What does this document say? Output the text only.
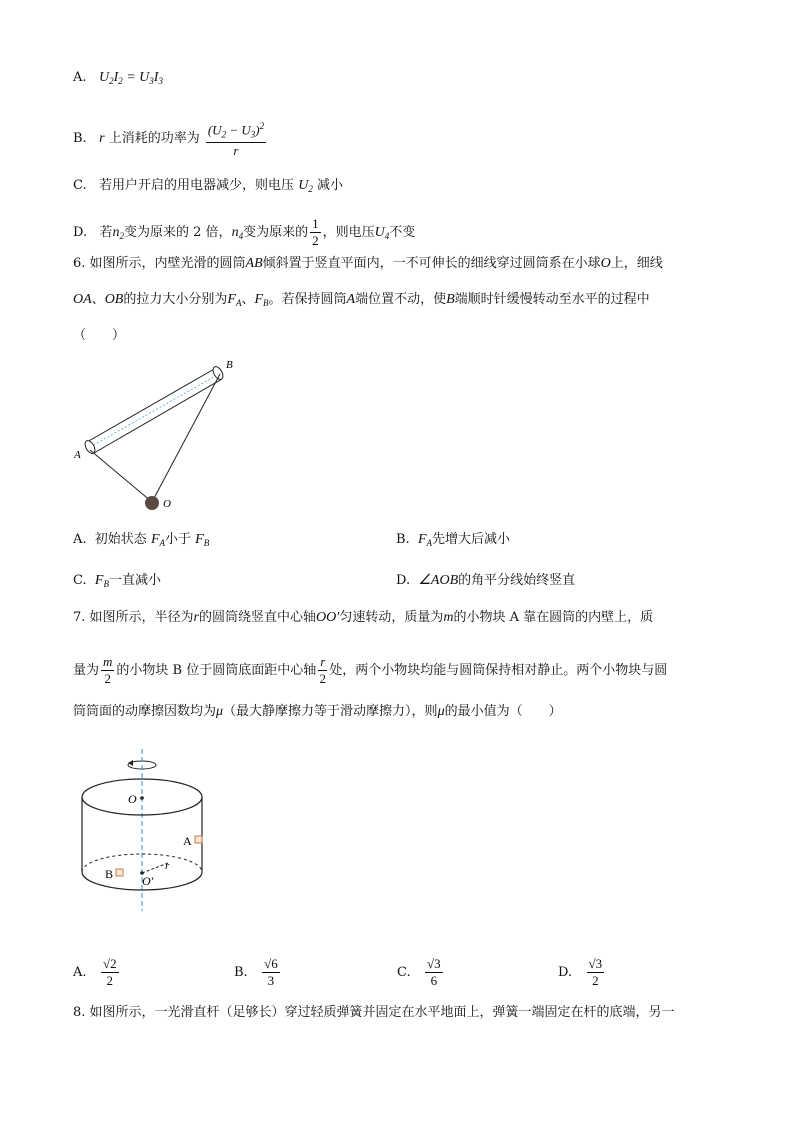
A. $U_2I_2 = U_3I_3$
B. r 上消耗的功率为 $\frac{(U_2 - U_3)^2}{r}$
C. 若用户开启的用电器减少，则电压 $U_2$ 减小
D. 若$n_2$变为原来的 2 倍，$n_4$变为原来的 $\frac{1}{2}$ ，则电压$U_4$不变
6. 如图所示，内壁光滑的圆筒AB倾斜置于竖直平面内，一不可伸长的细线穿过圆筒系在小球O上，细线
OA、OB的拉力大小分别为$F_A$、$F_B$。若保持圆筒A端位置不动，使B端顺时针缓慢转动至水平的过程中
（　　）
B
A
O
A. 初始状态 $F_A$小于 $F_B$	B. $F_A$先增大后减小
C. $F_B$一直减小	D. ∠AOB的角平分线始终竖直
7. 如图所示，半径为r的圆筒绕竖直中心轴OO′匀速转动，质量为m的小物块 A 靠在圆筒的内壁上，质
量为 $\frac{m}{2}$ 的小物块 B 位于圆筒底面距中心轴 $\frac{r}{2}$ 处，两个小物块均能与圆筒保持相对静止。两个小物块与圆
筒筒面的动摩擦因数均为μ（最大静摩擦力等于滑动摩擦力），则μ的最小值为（　　）
O
O′
A
B
r
A. $\frac{√2}{2}$	B. $\frac{√6}{3}$	C. $\frac{√3}{6}$	D. $\frac{√3}{2}$
8. 如图所示，一光滑直杆（足够长）穿过轻质弹簧并固定在水平地面上，弹簧一端固定在杆的底端，另一
